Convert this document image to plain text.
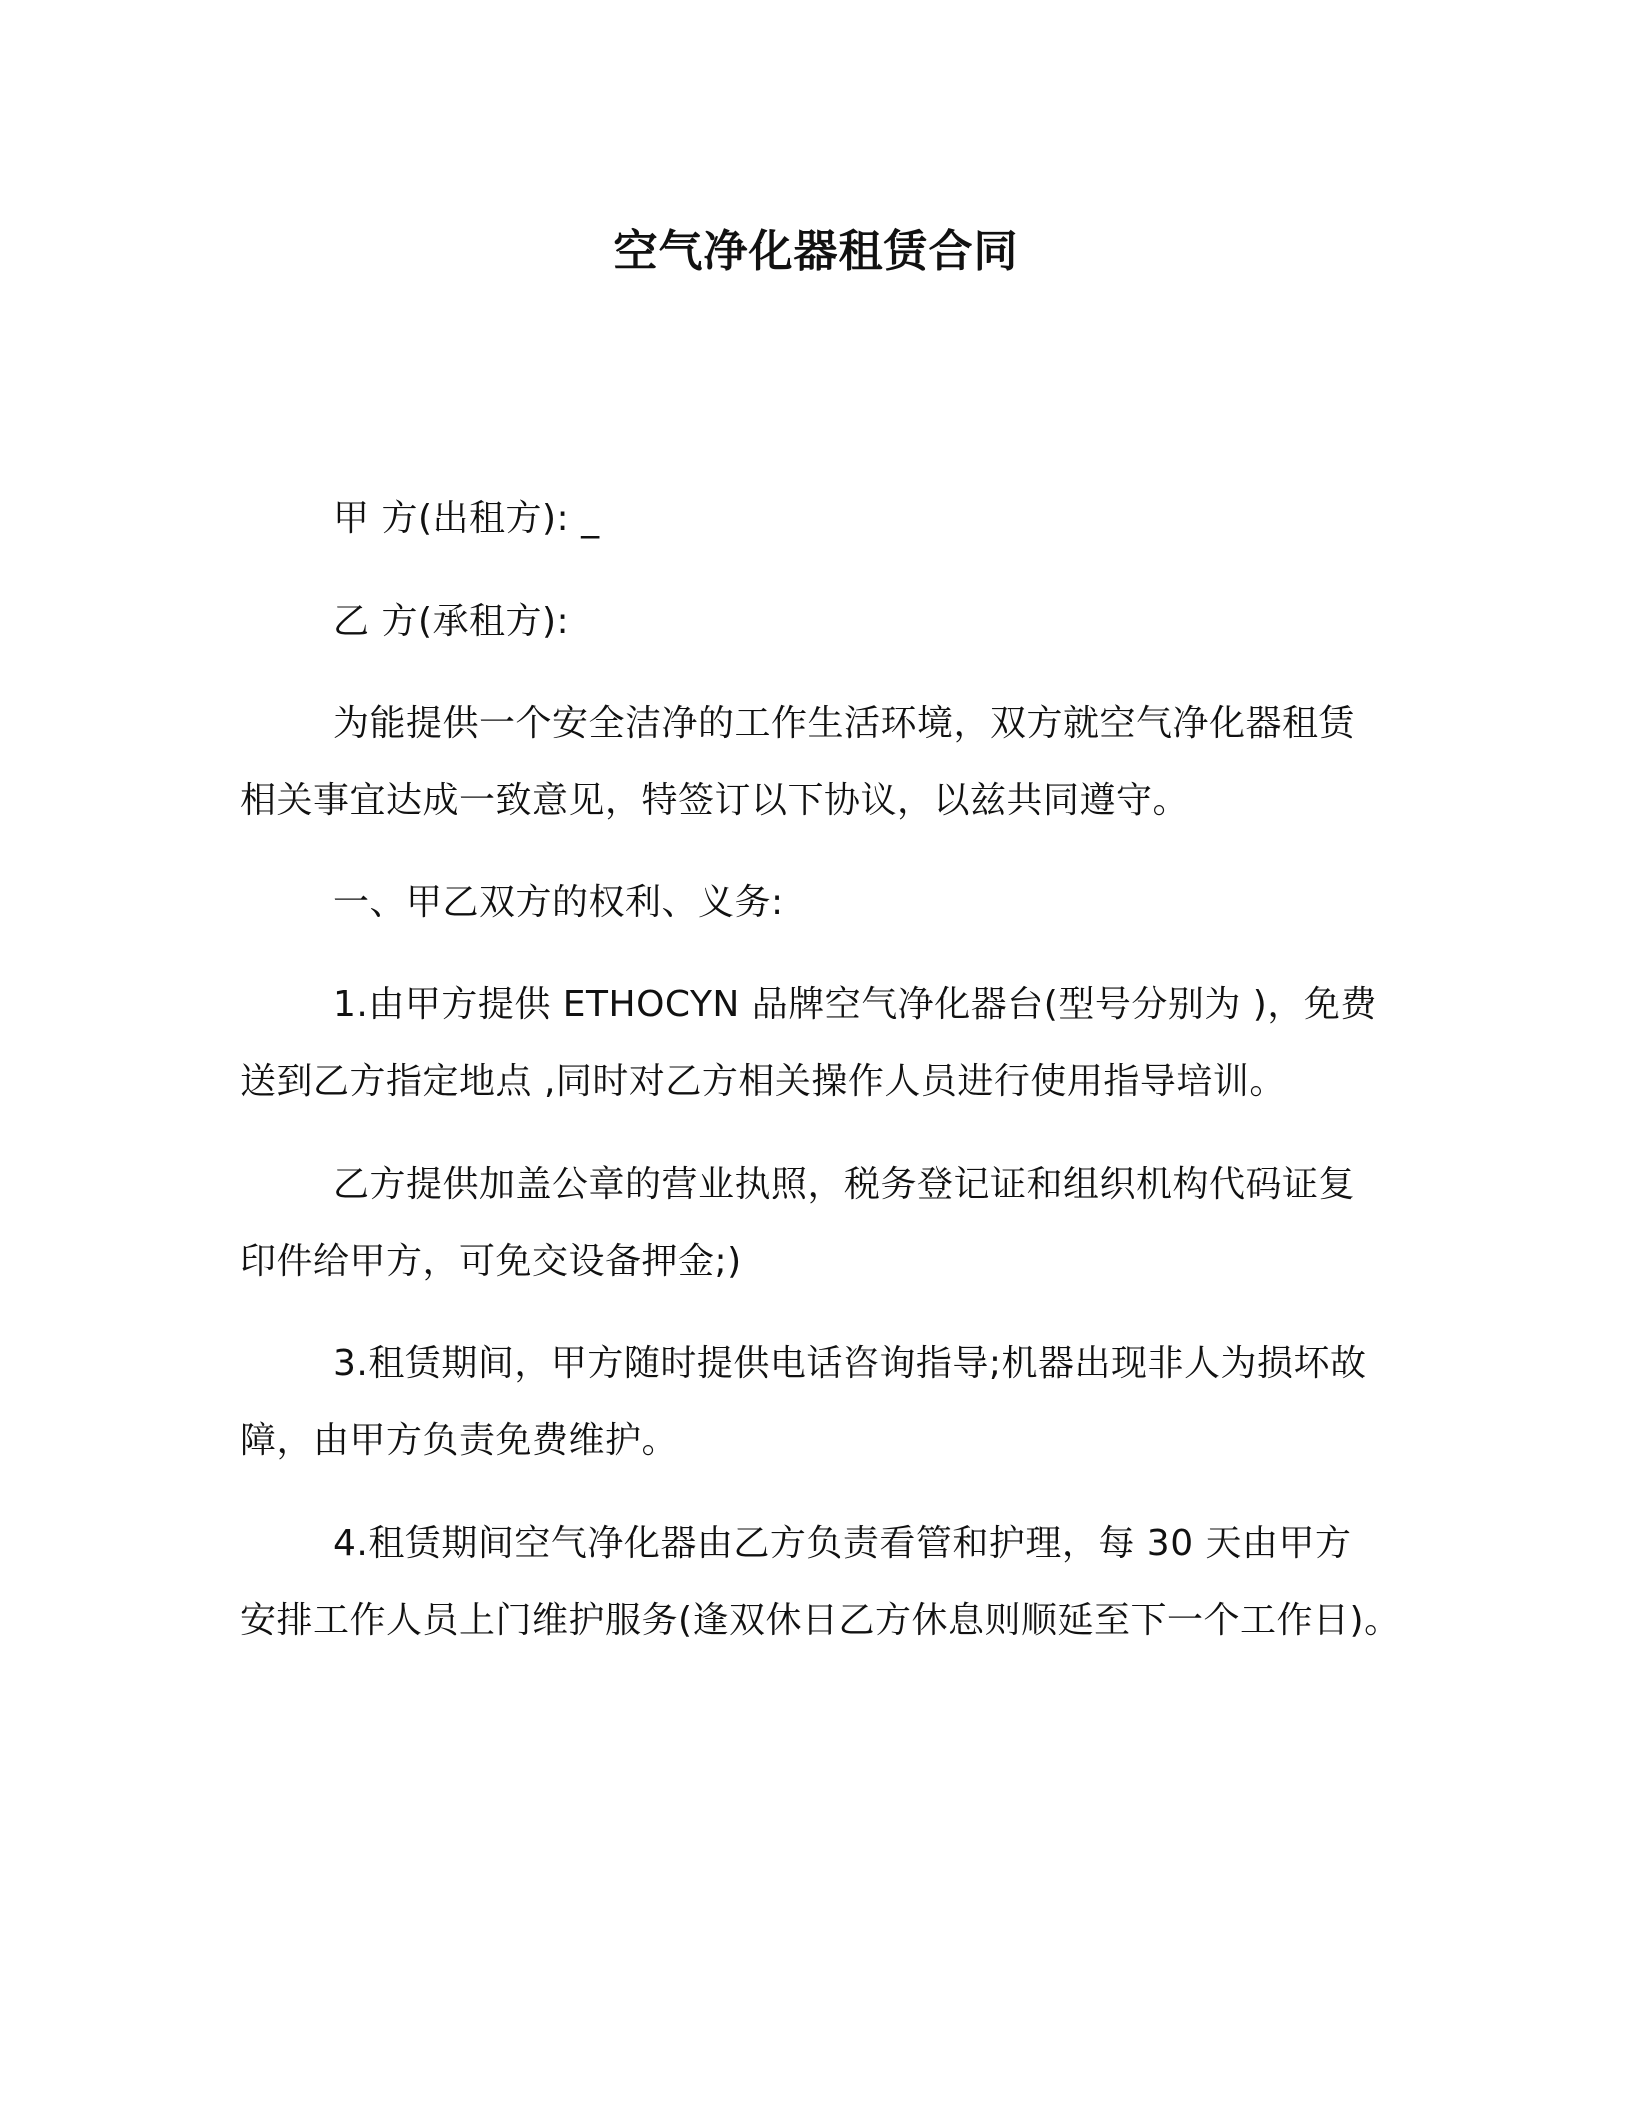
空气净化器租赁合同
甲 方(出租方): _
乙 方(承租方):
为能提供一个安全洁净的工作生活环境，双方就空气净化器租赁
相关事宜达成一致意见，特签订以下协议，以兹共同遵守。
一、甲乙双方的权利、义务:
1.由甲方提供 ETHOCYN 品牌空气净化器台(型号分别为 )，免费
送到乙方指定地点 ,同时对乙方相关操作人员进行使用指导培训。
乙方提供加盖公章的营业执照，税务登记证和组织机构代码证复
印件给甲方，可免交设备押金;)
3.租赁期间，甲方随时提供电话咨询指导;机器出现非人为损坏故
障，由甲方负责免费维护。
4.租赁期间空气净化器由乙方负责看管和护理，每 30 天由甲方
安排工作人员上门维护服务(逢双休日乙方休息则顺延至下一个工作日)。
